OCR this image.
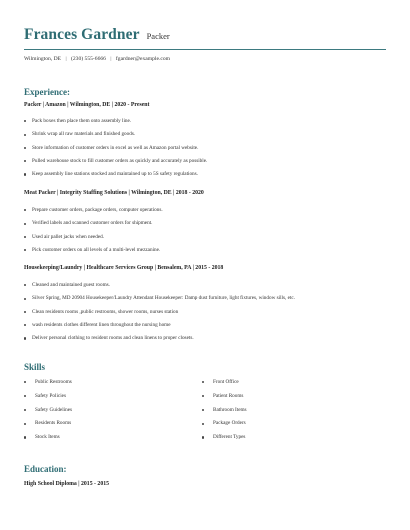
Frances Gardner Packer
Wilmington, DE | (230) 555-6666 | fgardner@example.com
Experience:
Packer | Amazon | Wilmington, DE | 2020 - Present
Pack boxes then place them onto assembly line.
Shrink wrap all raw materials and finished goods.
Store information of customer orders in excel as well as Amazon portal website.
Pulled warehouse stock to fill customer orders as quickly and accurately as possible.
Keep assembly line stations stocked and maintained up to 5S safety regulations.
Meat Packer | Integrity Staffing Solutions | Wilmington, DE | 2018 - 2020
Prepare customer orders, package orders, computer operations.
Verified labels and scanned customer orders for shipment.
Used air pallet jacks when needed.
Pick customer orders on all levels of a multi-level mezzanine.
Housekeeping/Laundry | Healthcare Services Group | Bensalem, PA | 2015 - 2018
Cleaned and maintained guest rooms.
Silver Spring, MD 20904 Housekeeper/Laundry Attendant Housekeeper: Damp dust furniture, light fixtures, window sills, etc.
Clean residents rooms ,public restrooms, shower rooms, nurses station
wash residents clothes different linen throughout the nursing home
Deliver personal clothing to resident rooms and clean linens to proper closets.
Skills
Public Restrooms
Safety Policies
Safety Guidelines
Residents Rooms
Stock Items
Front Office
Patient Rooms
Bathroom Items
Package Orders
Different Types
Education:
High School Diploma | 2015 - 2015
